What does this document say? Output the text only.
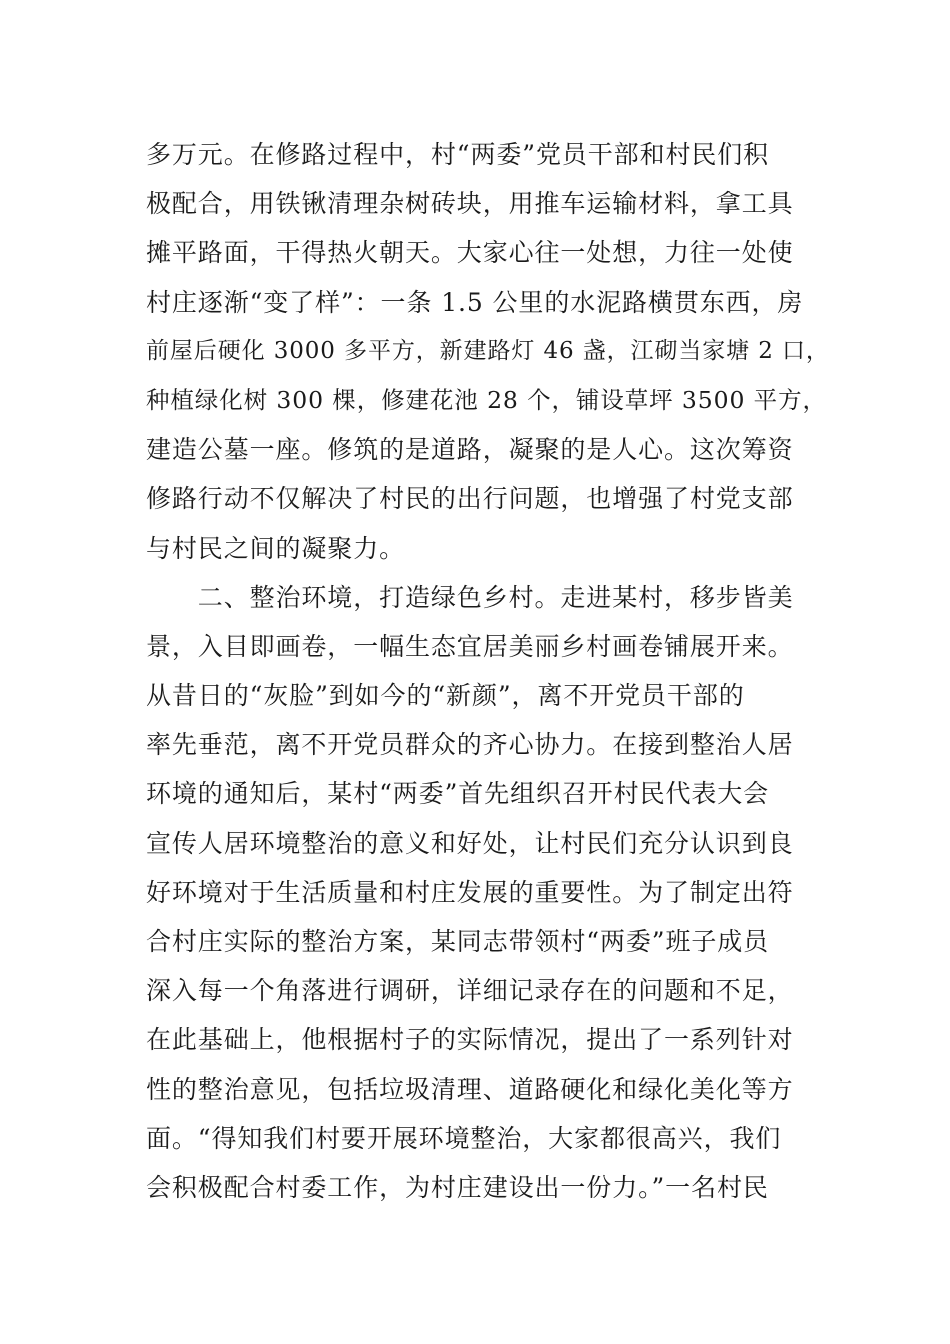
多万元。在修路过程中，村“两委”党员干部和村民们积
极配合，用铁锹清理杂树砖块，用推车运输材料，拿工具
摊平路面，干得热火朝天。大家心往一处想，力往一处使
村庄逐渐“变了样”：一条 1.5 公里的水泥路横贯东西，房
前屋后硬化 3000 多平方，新建路灯 46 盏，江砌当家塘 2 口，
种植绿化树 300 棵，修建花池 28 个，铺设草坪 3500 平方，
建造公墓一座。修筑的是道路，凝聚的是人心。这次筹资
修路行动不仅解决了村民的出行问题，也增强了村党支部
与村民之间的凝聚力。
　　二、整治环境，打造绿色乡村。走进某村，移步皆美
景，入目即画卷，一幅生态宜居美丽乡村画卷铺展开来。
从昔日的“灰脸”到如今的“新颜”，离不开党员干部的
率先垂范，离不开党员群众的齐心协力。在接到整治人居
环境的通知后，某村“两委”首先组织召开村民代表大会
宣传人居环境整治的意义和好处，让村民们充分认识到良
好环境对于生活质量和村庄发展的重要性。为了制定出符
合村庄实际的整治方案，某同志带领村“两委”班子成员
深入每一个角落进行调研，详细记录存在的问题和不足，
在此基础上，他根据村子的实际情况，提出了一系列针对
性的整治意见，包括垃圾清理、道路硬化和绿化美化等方
面。“得知我们村要开展环境整治，大家都很高兴，我们
会积极配合村委工作，为村庄建设出一份力。”一名村民
